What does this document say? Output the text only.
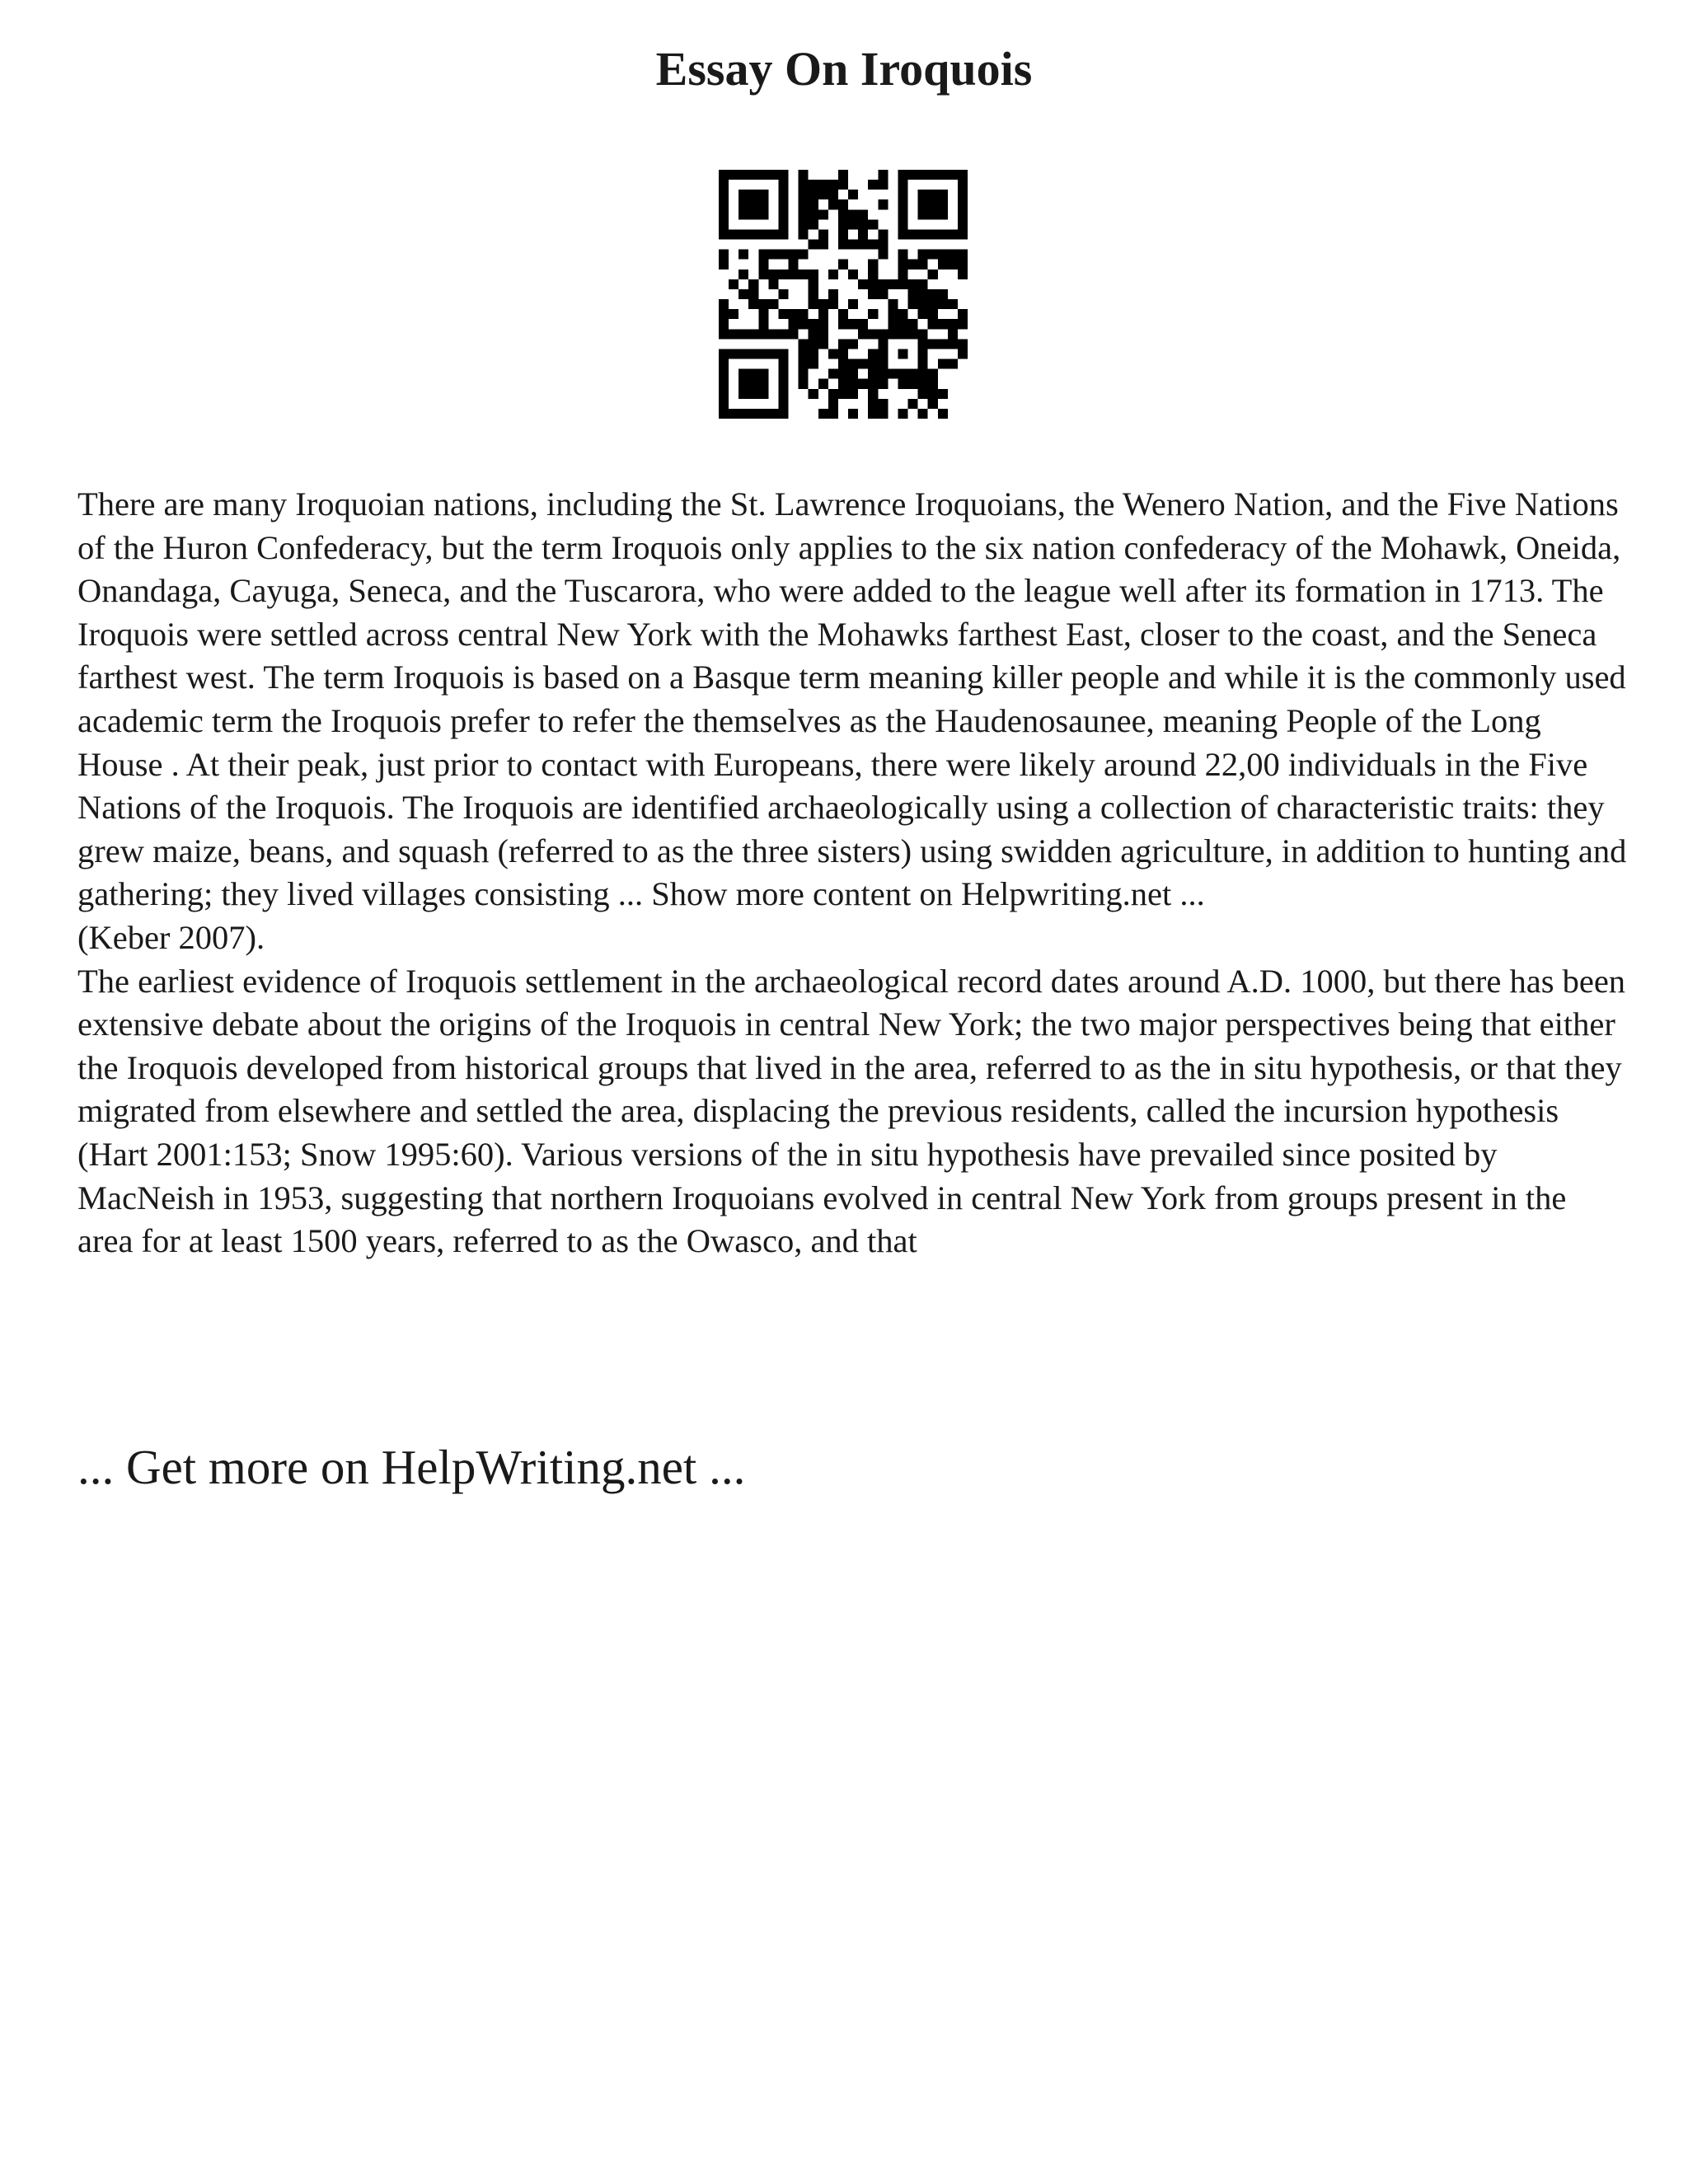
Essay On Iroquois

There are many Iroquoian nations, including the St. Lawrence Iroquoians, the Wenero Nation, and the Five Nations of the Huron Confederacy, but the term Iroquois only applies to the six nation confederacy of the Mohawk, Oneida, Onandaga, Cayuga, Seneca, and the Tuscarora, who were added to the league well after its formation in 1713. The Iroquois were settled across central New York with the Mohawks farthest East, closer to the coast, and the Seneca farthest west. The term Iroquois is based on a Basque term meaning killer people and while it is the commonly used academic term the Iroquois prefer to refer the themselves as the Haudenosaunee, meaning People of the Long House . At their peak, just prior to contact with Europeans, there were likely around 22,00 individuals in the Five Nations of the Iroquois. The Iroquois are identified archaeologically using a collection of characteristic traits: they grew maize, beans, and squash (referred to as the three sisters) using swidden agriculture, in addition to hunting and gathering; they lived villages consisting ... Show more content on Helpwriting.net ...

(Keber 2007).

The earliest evidence of Iroquois settlement in the archaeological record dates around A.D. 1000, but there has been extensive debate about the origins of the Iroquois in central New York; the two major perspectives being that either the Iroquois developed from historical groups that lived in the area, referred to as the in situ hypothesis, or that they migrated from elsewhere and settled the area, displacing the previous residents, called the incursion hypothesis (Hart 2001:153; Snow 1995:60). Various versions of the in situ hypothesis have prevailed since posited by MacNeish in 1953, suggesting that northern Iroquoians evolved in central New York from groups present in the area for at least 1500 years, referred to as the Owasco, and that

... Get more on HelpWriting.net ...
